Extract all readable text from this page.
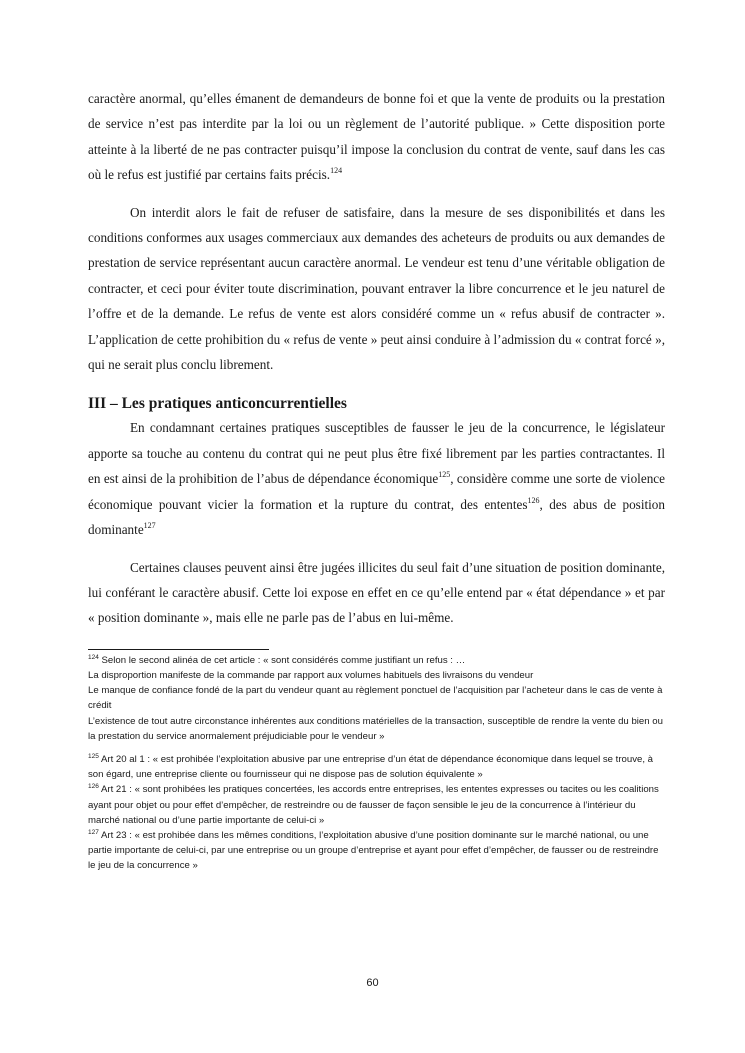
caractère anormal, qu’elles émanent de demandeurs de bonne foi et que la vente de produits ou la prestation de service n’est pas interdite par la loi ou un règlement de l’autorité publique. » Cette disposition porte atteinte à la liberté de ne pas contracter puisqu’il impose la conclusion du contrat de vente, sauf dans les cas où le refus est justifié par certains faits précis.$^{124}$

On interdit alors le fait de refuser de satisfaire, dans la mesure de ses disponibilités et dans les conditions conformes aux usages commerciaux aux demandes des acheteurs de produits ou aux demandes de prestation de service représentant aucun caractère anormal. Le vendeur est tenu d’une véritable obligation de contracter, et ceci pour éviter toute discrimination, pouvant entraver la libre concurrence et le jeu naturel de l’offre et de la demande. Le refus de vente est alors considéré comme un « refus abusif de contracter ». L’application de cette prohibition du « refus de vente » peut ainsi conduire à l’admission du « contrat forcé », qui ne serait plus conclu librement.

III – Les pratiques anticoncurrentielles

En condamnant certaines pratiques susceptibles de fausser le jeu de la concurrence, le législateur apporte sa touche au contenu du contrat qui ne peut plus être fixé librement par les parties contractantes. Il en est ainsi de la prohibition de l’abus de dépendance économique$^{125}$, considère comme une sorte de violence économique pouvant vicier la formation et la rupture du contrat, des ententes$^{126}$, des abus de position dominante$^{127}$

Certaines clauses peuvent ainsi être jugées illicites du seul fait d’une situation de position dominante, lui conférant le caractère abusif. Cette loi expose en effet en ce qu’elle entend par « état dépendance » et par « position dominante », mais elle ne parle pas de l’abus en lui-même.

$^{124}$ Selon le second alinéa de cet article : « sont considérés comme justifiant un refus : …

La disproportion manifeste de la commande par rapport aux volumes habituels des livraisons du vendeur

Le manque de confiance fondé de la part du vendeur quant au règlement ponctuel de l’acquisition par l’acheteur dans le cas de vente à crédit

L’existence de tout autre circonstance inhérentes aux conditions matérielles de la transaction, susceptible de rendre la vente du bien ou la prestation du service anormalement préjudiciable pour le vendeur »

$^{125}$ Art 20 al 1 : « est prohibée l’exploitation abusive par une entreprise d’un état de dépendance économique dans lequel se trouve, à son égard, une entreprise cliente ou fournisseur qui ne dispose pas de solution équivalente »

$^{126}$ Art 21 : « sont prohibées les pratiques concertées, les accords entre entreprises, les ententes expresses ou tacites ou les coalitions ayant pour objet ou pour effet d’empêcher, de restreindre ou de fausser de façon sensible le jeu de la concurrence à l’intérieur du marché national ou d’une partie importante de celui-ci »

$^{127}$ Art 23 : « est prohibée dans les mêmes conditions, l’exploitation abusive d’une position dominante sur le marché national, ou une partie importante de celui-ci, par une entreprise ou un groupe d’entreprise et ayant pour effet d’empêcher, de fausser ou de restreindre le jeu de la concurrence »

60
